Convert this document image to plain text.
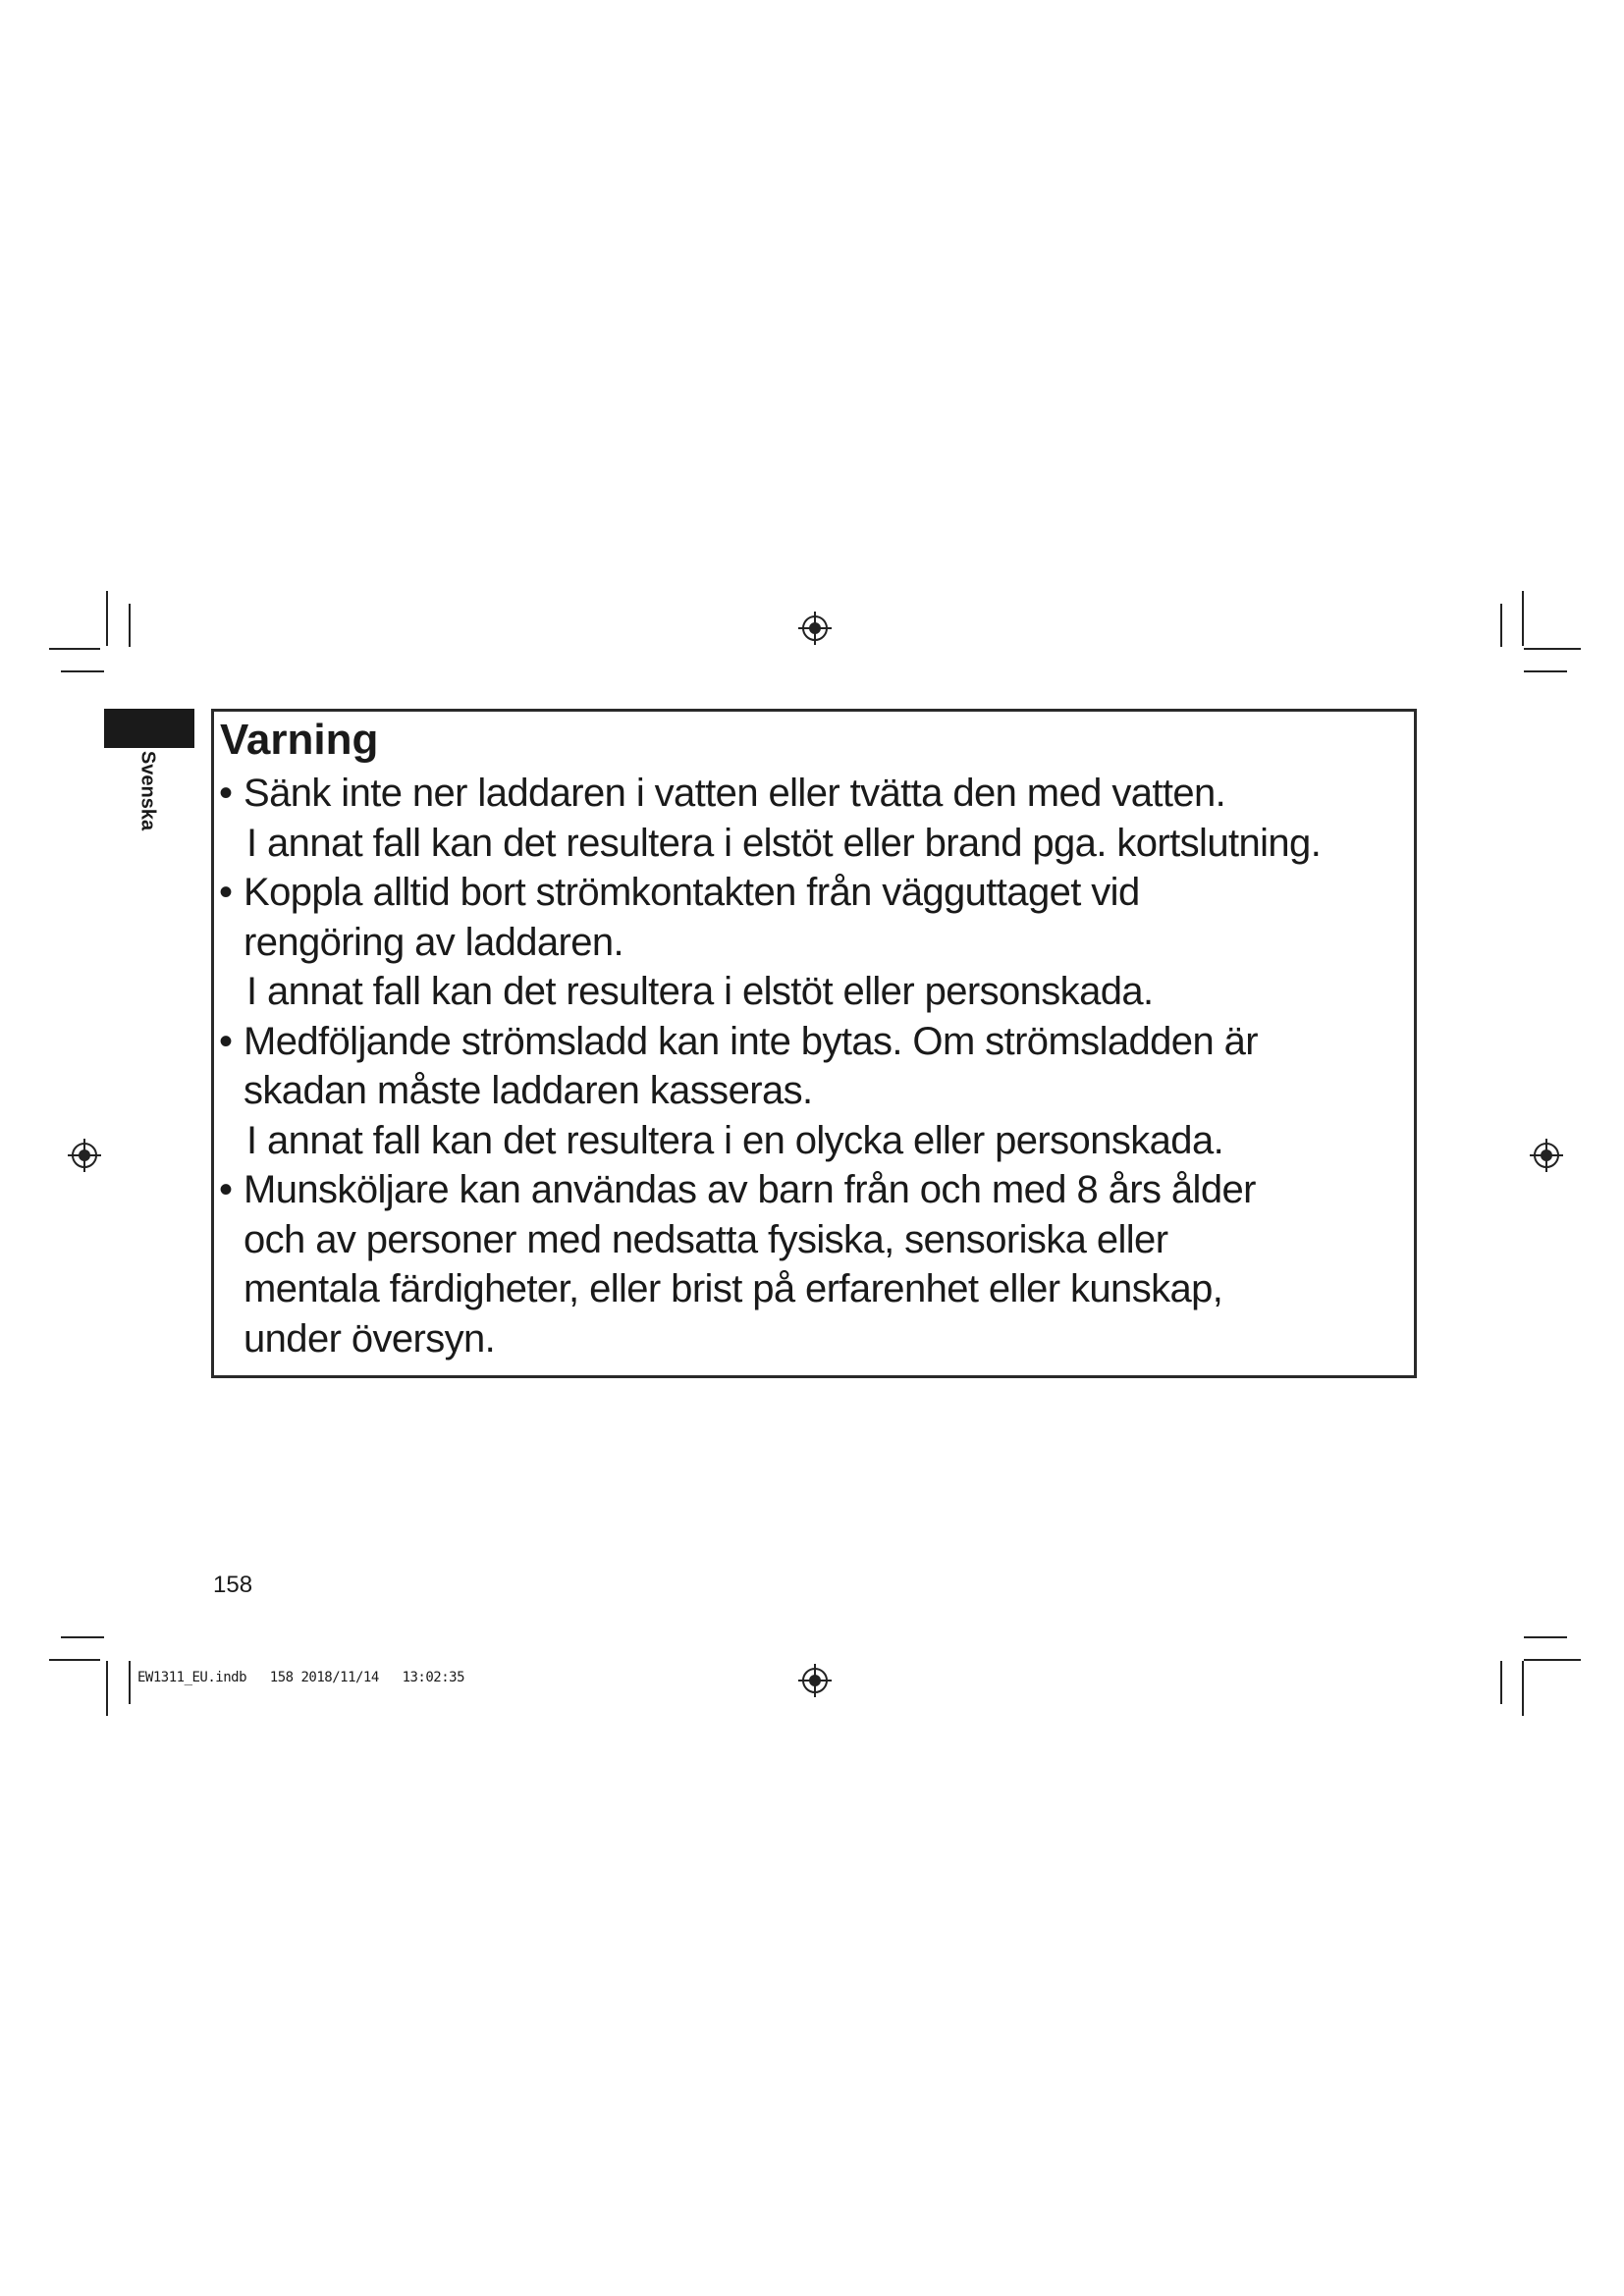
Svenska
Varning
• Sänk inte ner laddaren i vatten eller tvätta den med vatten.
I annat fall kan det resultera i elstöt eller brand pga. kortslutning.
• Koppla alltid bort strömkontakten från vägguttaget vid
rengöring av laddaren.
I annat fall kan det resultera i elstöt eller personskada.
• Medföljande strömsladd kan inte bytas. Om strömsladden är
skadan måste laddaren kasseras.
I annat fall kan det resultera i en olycka eller personskada.
• Munsköljare kan användas av barn från och med 8 års ålder
och av personer med nedsatta fysiska, sensoriska eller
mentala färdigheter, eller brist på erfarenhet eller kunskap,
under översyn.
158
EW1311_EU.indb   158 2018/11/14   13:02:35
